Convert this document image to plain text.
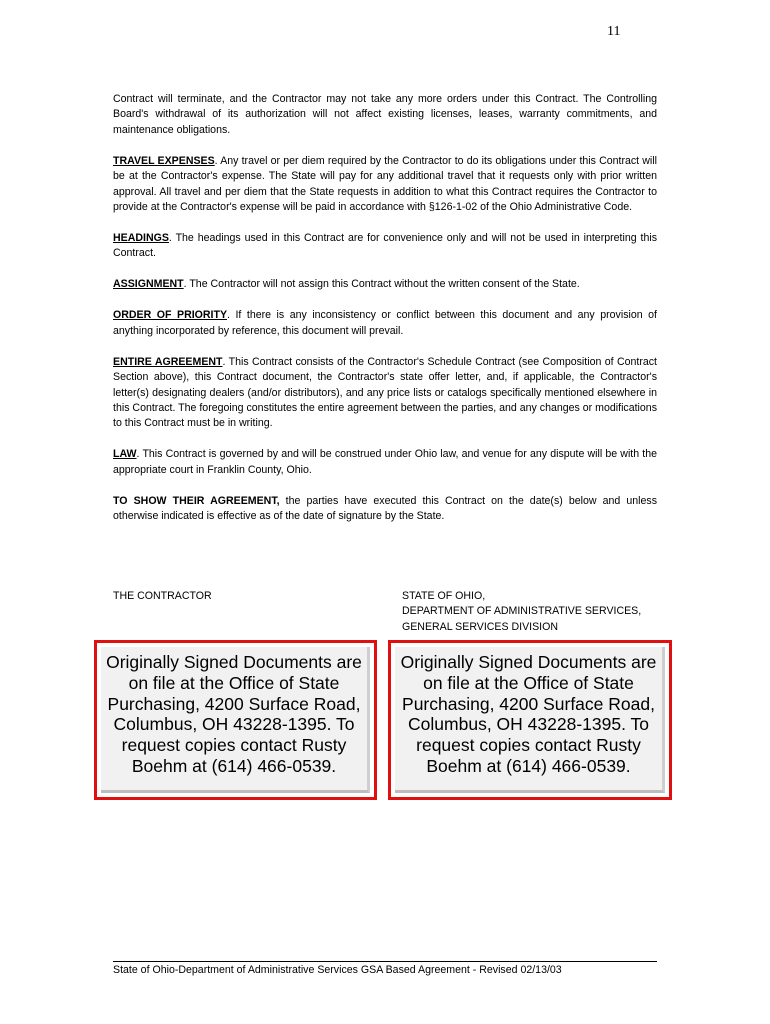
11

Contract will terminate, and the Contractor may not take any more orders under this Contract. The Controlling Board's withdrawal of its authorization will not affect existing licenses, leases, warranty commitments, and maintenance obligations.

TRAVEL EXPENSES. Any travel or per diem required by the Contractor to do its obligations under this Contract will be at the Contractor's expense. The State will pay for any additional travel that it requests only with prior written approval. All travel and per diem that the State requests in addition to what this Contract requires the Contractor to provide at the Contractor's expense will be paid in accordance with §126-1-02 of the Ohio Administrative Code.

HEADINGS. The headings used in this Contract are for convenience only and will not be used in interpreting this Contract.

ASSIGNMENT. The Contractor will not assign this Contract without the written consent of the State.

ORDER OF PRIORITY. If there is any inconsistency or conflict between this document and any provision of anything incorporated by reference, this document will prevail.

ENTIRE AGREEMENT. This Contract consists of the Contractor's Schedule Contract (see Composition of Contract Section above), this Contract document, the Contractor's state offer letter, and, if applicable, the Contractor's letter(s) designating dealers (and/or distributors), and any price lists or catalogs specifically mentioned elsewhere in this Contract. The foregoing constitutes the entire agreement between the parties, and any changes or modifications to this Contract must be in writing.

LAW. This Contract is governed by and will be construed under Ohio law, and venue for any dispute will be with the appropriate court in Franklin County, Ohio.

TO SHOW THEIR AGREEMENT, the parties have executed this Contract on the date(s) below and unless otherwise indicated is effective as of the date of signature by the State.

THE CONTRACTOR	STATE OF OHIO,
DEPARTMENT OF ADMINISTRATIVE SERVICES,
GENERAL SERVICES DIVISION
Originally Signed Documents are on file at the Office of State Purchasing, 4200 Surface Road, Columbus, OH 43228-1395. To request copies contact Rusty Boehm at (614) 466-0539.
Originally Signed Documents are on file at the Office of State Purchasing, 4200 Surface Road, Columbus, OH 43228-1395. To request copies contact Rusty Boehm at (614) 466-0539.
State of Ohio-Department of Administrative Services GSA Based Agreement - Revised 02/13/03
